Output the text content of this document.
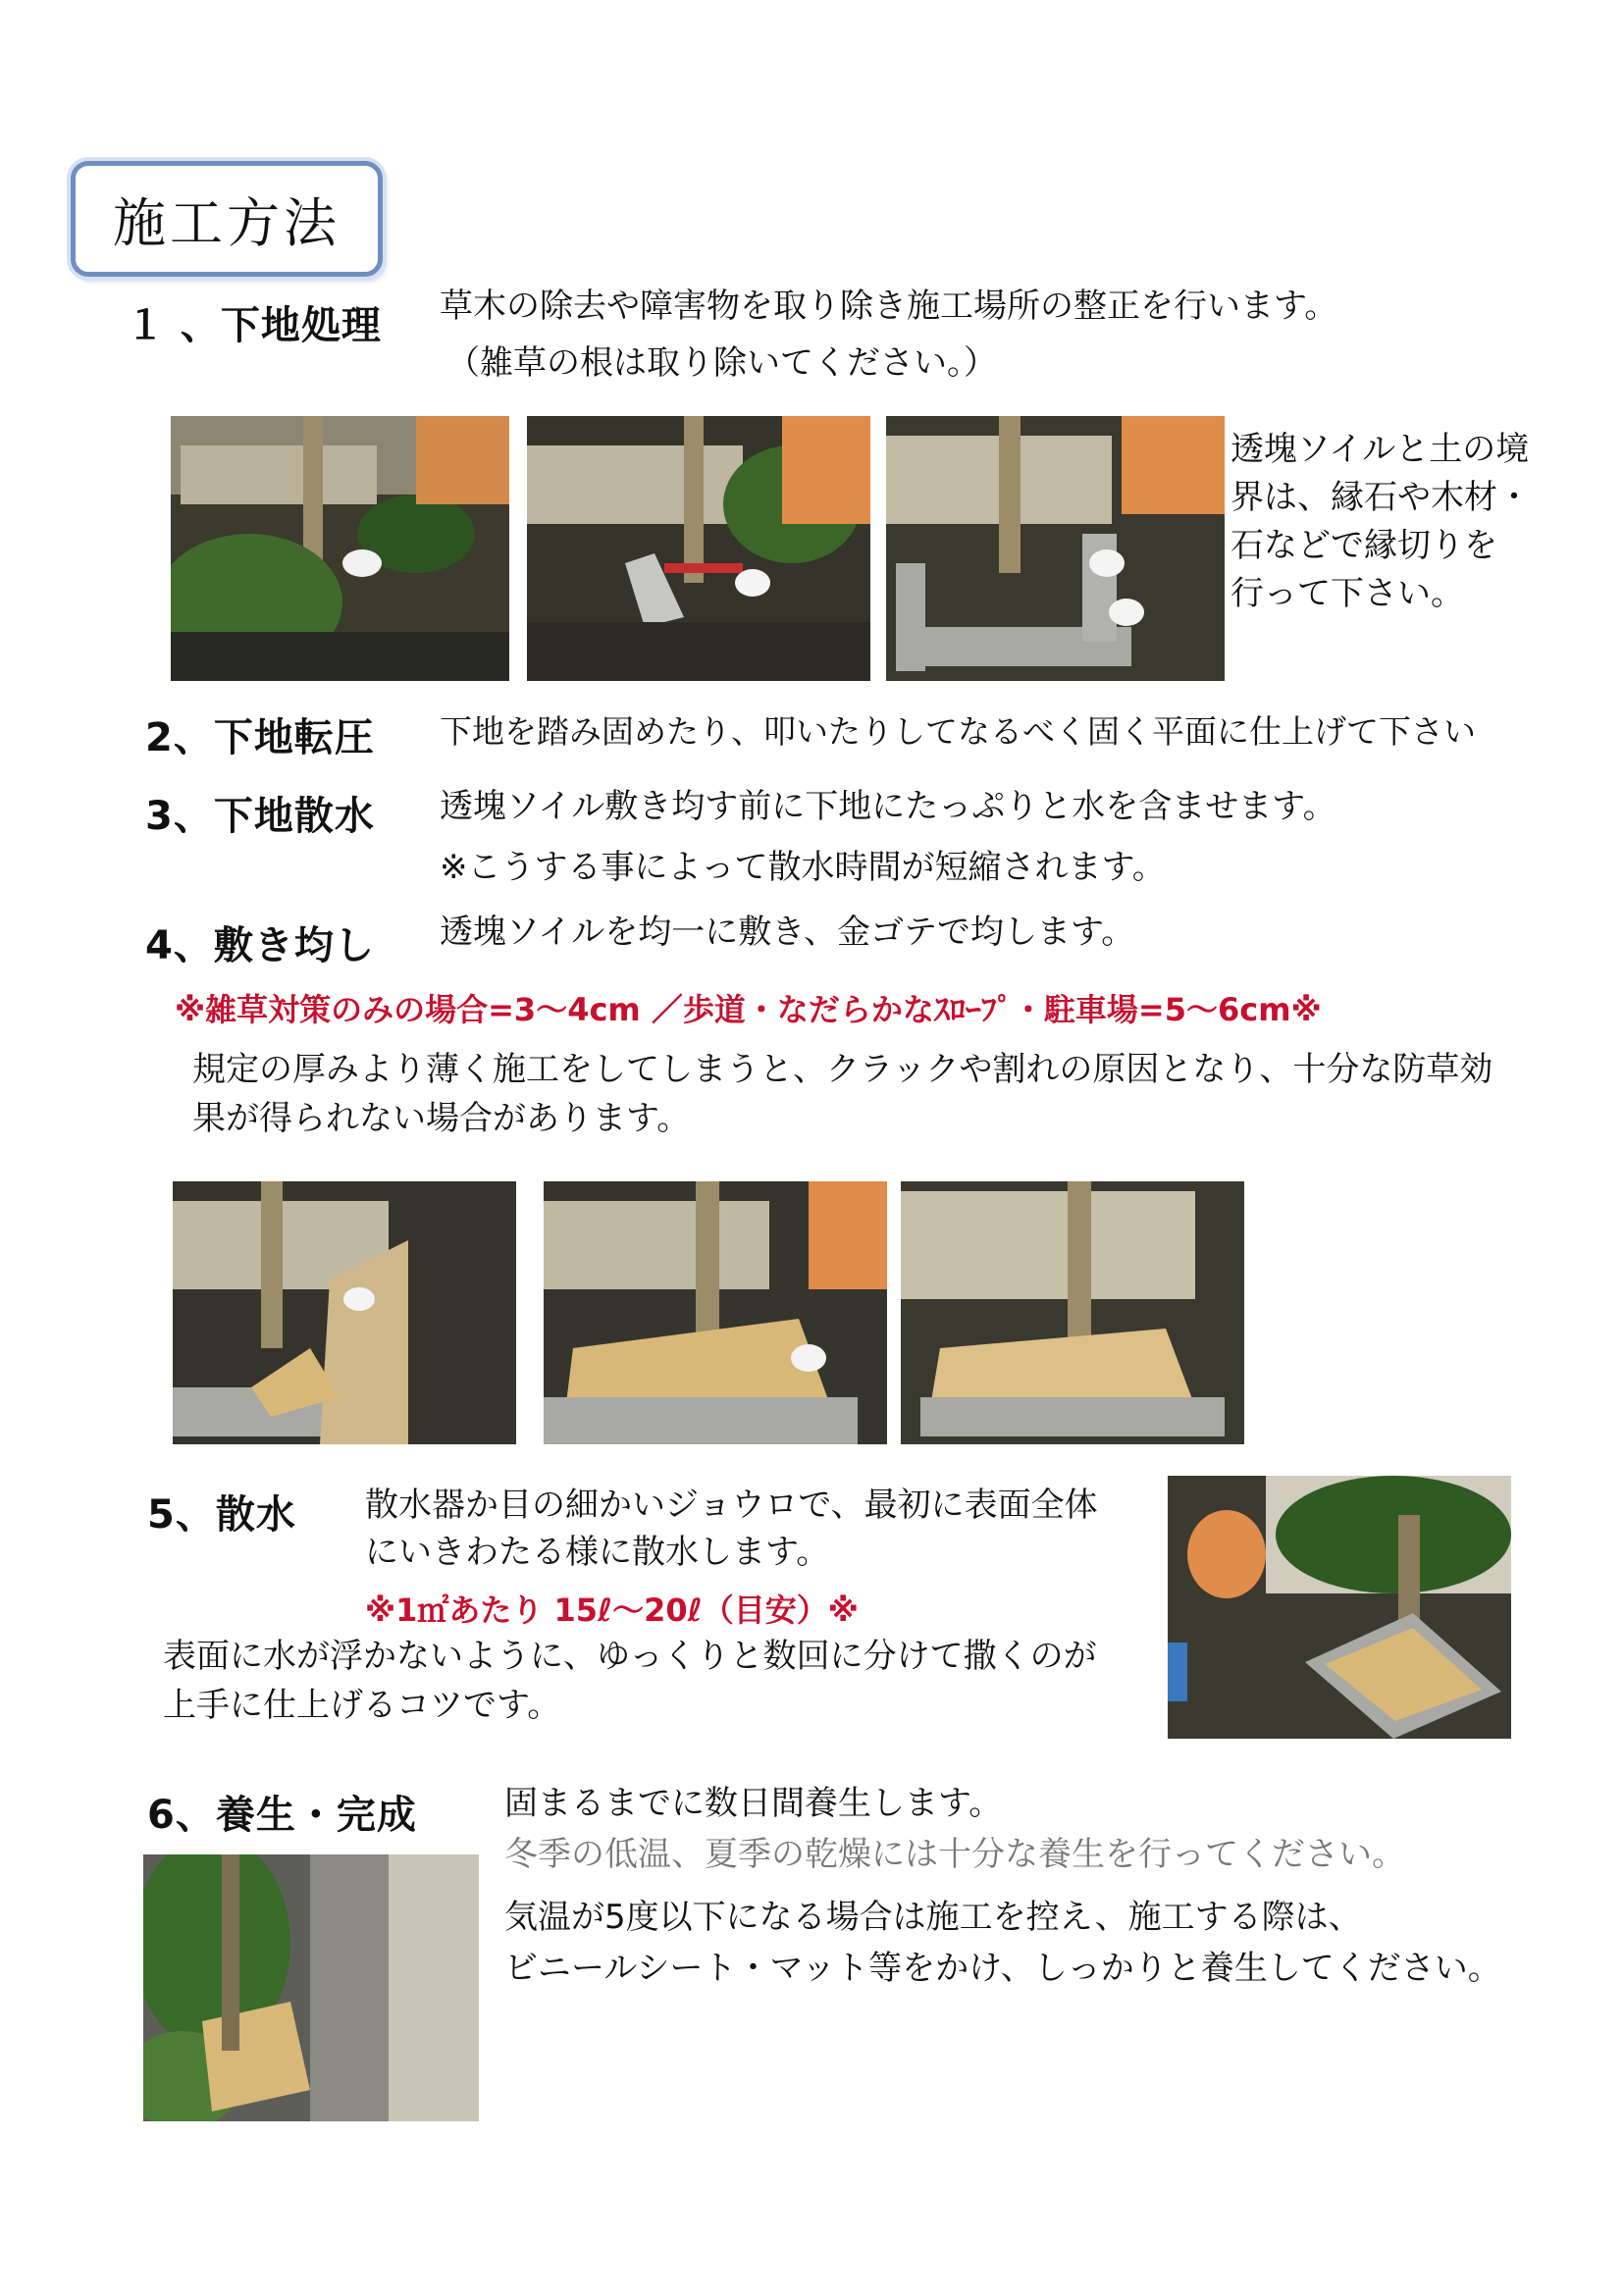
施工方法
１ 、下地処理 草木の除去や障害物を取り除き施工場所の整正を行います。
（雑草の根は取り除いてください。）
透塊ソイルと土の境
界は、縁石や木材・
石などで縁切りを
行って下さい。
2、下地転圧 下地を踏み固めたり、叩いたりしてなるべく固く平面に仕上げて下さい
3、下地散水 透塊ソイル敷き均す前に下地にたっぷりと水を含ませます。
※こうする事によって散水時間が短縮されます。
4、敷き均し 透塊ソイルを均一に敷き、金ゴテで均します。
※雑草対策のみの場合=3～4cm ／歩道・なだらかなｽﾛｰﾌﾟ・駐車場=5～6cm※
規定の厚みより薄く施工をしてしまうと、クラックや割れの原因となり、十分な防草効
果が得られない場合があります。
5、散水 散水器か目の細かいジョウロで、最初に表面全体
にいきわたる様に散水します。
※1㎡あたり 15ℓ～20ℓ（目安）※
表面に水が浮かないように、ゆっくりと数回に分けて撒くのが
上手に仕上げるコツです。
6、養生・完成	固まるまでに数日間養生します。
冬季の低温、夏季の乾燥には十分な養生を行ってください。
気温が5度以下になる場合は施工を控え、施工する際は、
ビニールシート・マット等をかけ、しっかりと養生してください。
